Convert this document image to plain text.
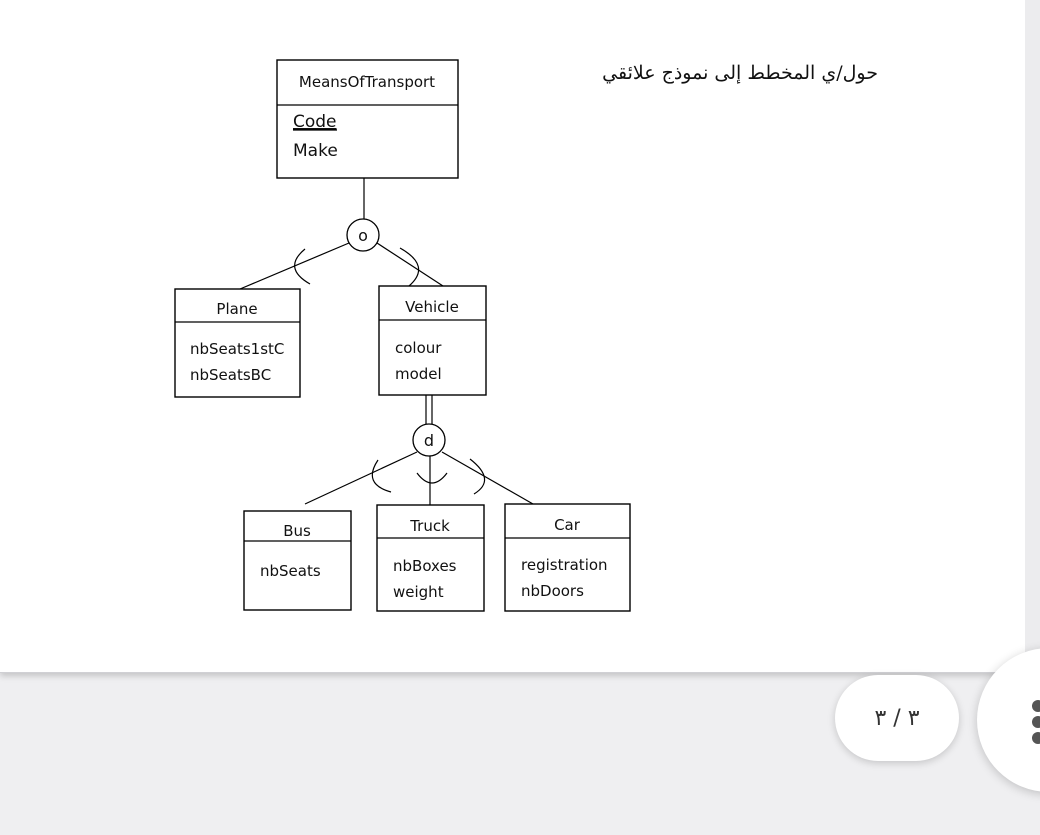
MeansOfTransport
Code
Make
o
Plane
nbSeats1stC
nbSeatsBC
Vehicle
colour
model
d
Bus
nbSeats
Truck
nbBoxes
weight
Car
registration
nbDoors
حول/ي المخطط إلى نموذج علائقي
٣ / ٣
